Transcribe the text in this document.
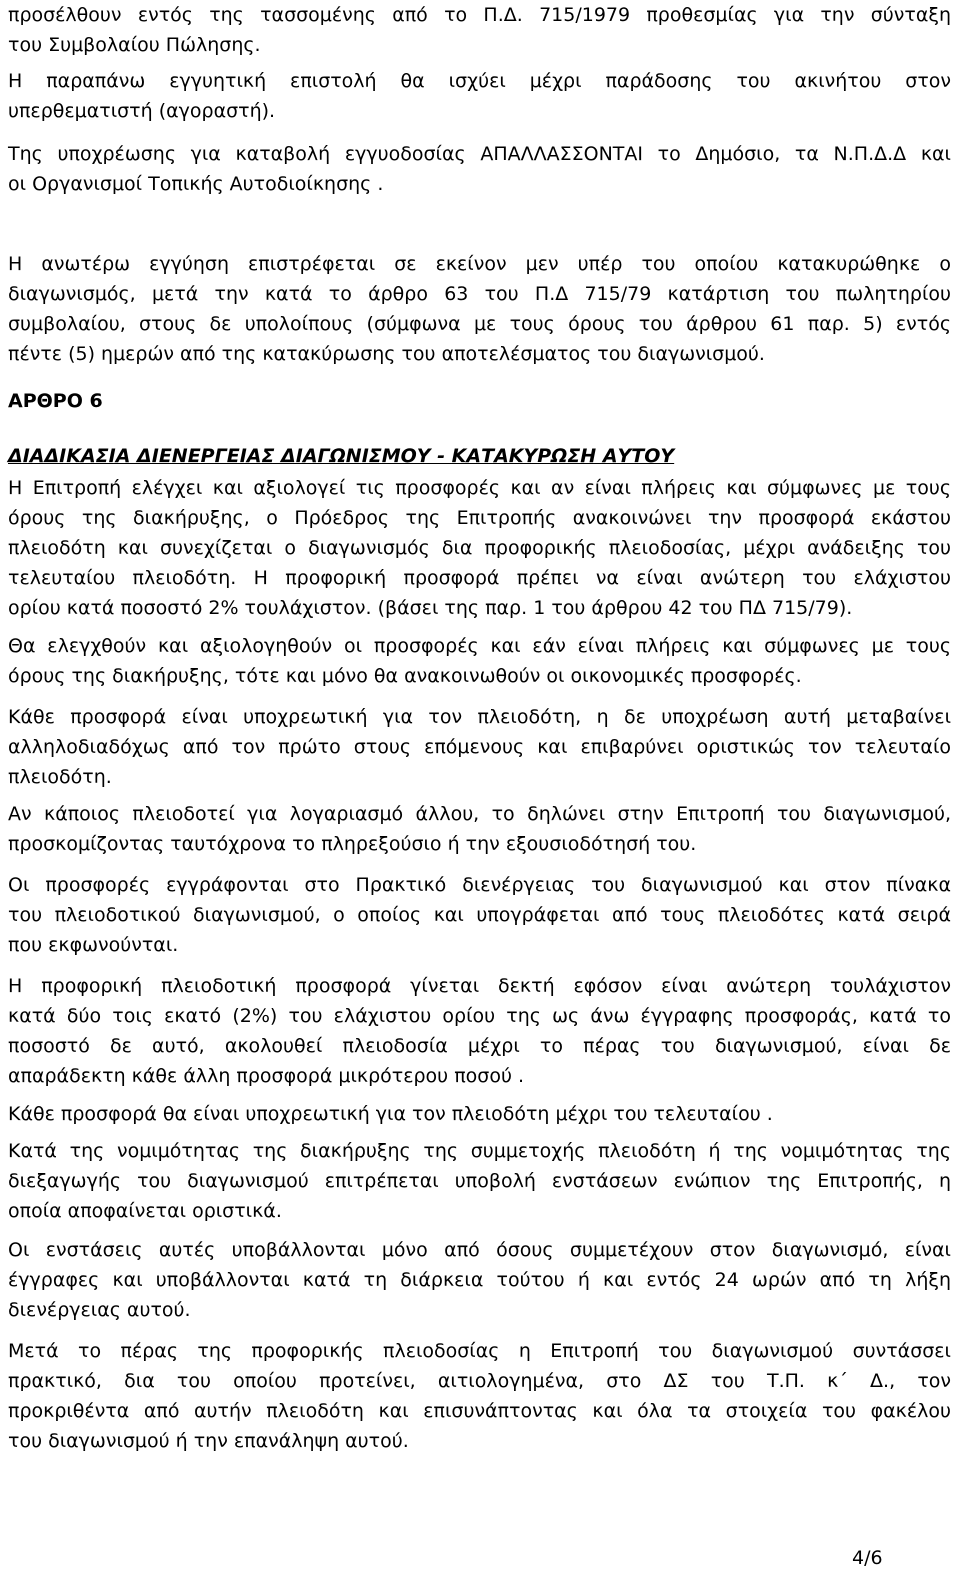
προσέλθουν εντός της τασσομένης από το Π.Δ. 715/1979 προθεσμίας για την σύνταξη
του Συμβολαίου Πώλησης.
Η παραπάνω εγγυητική επιστολή θα ισχύει μέχρι παράδοσης του ακινήτου στον
υπερθεματιστή (αγοραστή).
Της υποχρέωσης για καταβολή εγγυοδοσίας ΑΠΑΛΛΑΣΣΟΝΤΑΙ το Δημόσιο, τα Ν.Π.Δ.Δ και
οι Οργανισμοί Τοπικής Αυτοδιοίκησης .
Η ανωτέρω εγγύηση επιστρέφεται σε εκείνον μεν υπέρ του οποίου κατακυρώθηκε ο
διαγωνισμός, μετά την κατά το άρθρο 63 του Π.Δ 715/79 κατάρτιση του πωλητηρίου
συμβολαίου, στους δε υπολοίπους (σύμφωνα με τους όρους του άρθρου 61 παρ. 5) εντός
πέντε (5) ημερών από της κατακύρωσης του αποτελέσματος του διαγωνισμού.
ΑΡΘΡΟ 6
ΔΙΑΔΙΚΑΣΙΑ ΔΙΕΝΕΡΓΕΙΑΣ ΔΙΑΓΩΝΙΣΜΟΥ - ΚΑΤΑΚΥΡΩΣΗ ΑΥΤΟΥ
Η Επιτροπή ελέγχει και αξιολογεί τις προσφορές και αν είναι πλήρεις και σύμφωνες με τους
όρους της διακήρυξης, ο Πρόεδρος της Επιτροπής ανακοινώνει την προσφορά εκάστου
πλειοδότη και συνεχίζεται ο διαγωνισμός δια προφορικής πλειοδοσίας, μέχρι ανάδειξης του
τελευταίου πλειοδότη. Η προφορική προσφορά πρέπει να είναι ανώτερη του ελάχιστου
ορίου κατά ποσοστό 2% τουλάχιστον. (βάσει της παρ. 1 του άρθρου 42 του ΠΔ 715/79).
Θα ελεγχθούν και αξιολογηθούν οι προσφορές και εάν είναι πλήρεις και σύμφωνες με τους
όρους της διακήρυξης, τότε και μόνο θα ανακοινωθούν οι οικονομικές προσφορές.
Κάθε προσφορά είναι υποχρεωτική για τον πλειοδότη, η δε υποχρέωση αυτή μεταβαίνει
αλληλοδιαδόχως από τον πρώτο στους επόμενους και επιβαρύνει οριστικώς τον τελευταίο
πλειοδότη.
Αν κάποιος πλειοδοτεί για λογαριασμό άλλου, το δηλώνει στην Επιτροπή του διαγωνισμού,
προσκομίζοντας ταυτόχρονα το πληρεξούσιο ή την εξουσιοδότησή του.
Οι προσφορές εγγράφονται στο Πρακτικό διενέργειας του διαγωνισμού και στον πίνακα
του πλειοδοτικού διαγωνισμού, ο οποίος και υπογράφεται από τους πλειοδότες κατά σειρά
που εκφωνούνται.
Η προφορική πλειοδοτική προσφορά γίνεται δεκτή εφόσον είναι ανώτερη τουλάχιστον
κατά δύο τοις εκατό (2%) του ελάχιστου ορίου της ως άνω έγγραφης προσφοράς, κατά το
ποσοστό δε αυτό, ακολουθεί πλειοδοσία μέχρι το πέρας του διαγωνισμού, είναι δε
απαράδεκτη κάθε άλλη προσφορά μικρότερου ποσού .
Κάθε προσφορά θα είναι υποχρεωτική για τον πλειοδότη μέχρι του τελευταίου .
Κατά της νομιμότητας της διακήρυξης της συμμετοχής πλειοδότη ή της νομιμότητας της
διεξαγωγής του διαγωνισμού επιτρέπεται υποβολή ενστάσεων ενώπιον της Επιτροπής, η
οποία αποφαίνεται οριστικά.
Οι ενστάσεις αυτές υποβάλλονται μόνο από όσους συμμετέχουν στον διαγωνισμό, είναι
έγγραφες και υποβάλλονται κατά τη διάρκεια τούτου ή και εντός 24 ωρών από τη λήξη
διενέργειας αυτού.
Μετά το πέρας της προφορικής πλειοδοσίας η Επιτροπή του διαγωνισμού συντάσσει
πρακτικό, δια του οποίου προτείνει, αιτιολογημένα, στο ΔΣ του Τ.Π. κ΄ Δ., τον
προκριθέντα από αυτήν πλειοδότη και επισυνάπτοντας και όλα τα στοιχεία του φακέλου
του διαγωνισμού ή την επανάληψη αυτού.
4/6
